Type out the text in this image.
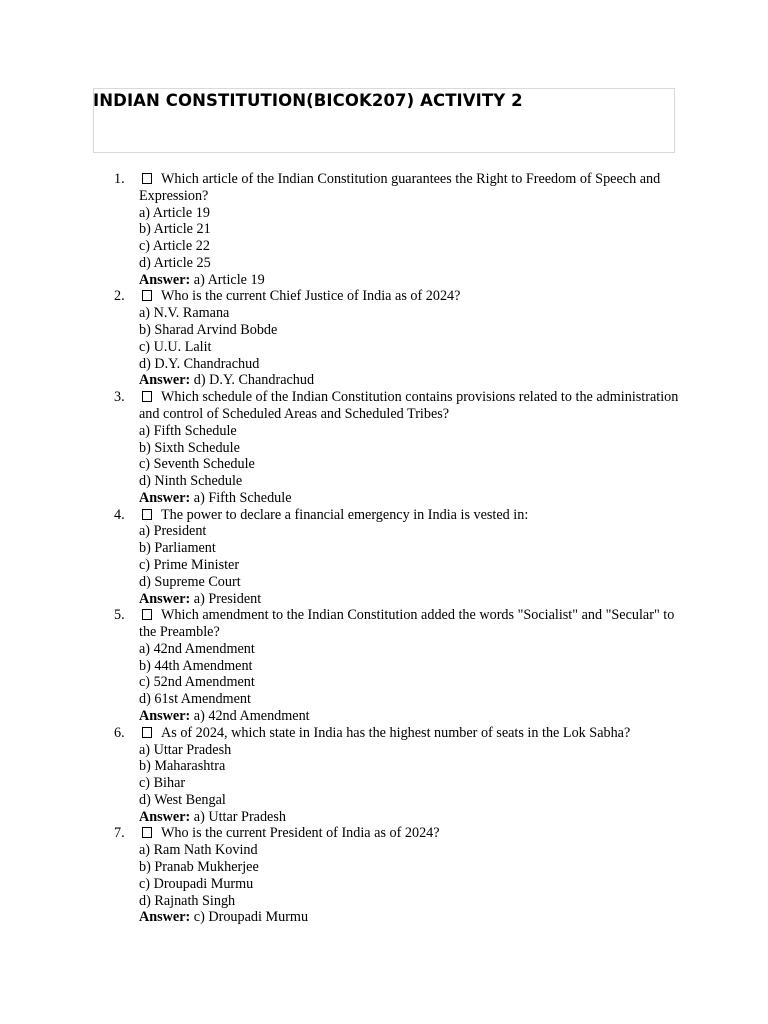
INDIAN CONSTITUTION(BICOK207) ACTIVITY 2
1.	Which article of the Indian Constitution guarantees the Right to Freedom of Speech and Expression?
a) Article 19
b) Article 21
c) Article 22
d) Article 25
Answer: a) Article 19
2.	Who is the current Chief Justice of India as of 2024?
a) N.V. Ramana
b) Sharad Arvind Bobde
c) U.U. Lalit
d) D.Y. Chandrachud
Answer: d) D.Y. Chandrachud
3.	Which schedule of the Indian Constitution contains provisions related to the administration and control of Scheduled Areas and Scheduled Tribes?
a) Fifth Schedule
b) Sixth Schedule
c) Seventh Schedule
d) Ninth Schedule
Answer: a) Fifth Schedule
4.	The power to declare a financial emergency in India is vested in:
a) President
b) Parliament
c) Prime Minister
d) Supreme Court
Answer: a) President
5.	Which amendment to the Indian Constitution added the words "Socialist" and "Secular" to the Preamble?
a) 42nd Amendment
b) 44th Amendment
c) 52nd Amendment
d) 61st Amendment
Answer: a) 42nd Amendment
6.	As of 2024, which state in India has the highest number of seats in the Lok Sabha?
a) Uttar Pradesh
b) Maharashtra
c) Bihar
d) West Bengal
Answer: a) Uttar Pradesh
7.	Who is the current President of India as of 2024?
a) Ram Nath Kovind
b) Pranab Mukherjee
c) Droupadi Murmu
d) Rajnath Singh
Answer: c) Droupadi Murmu
